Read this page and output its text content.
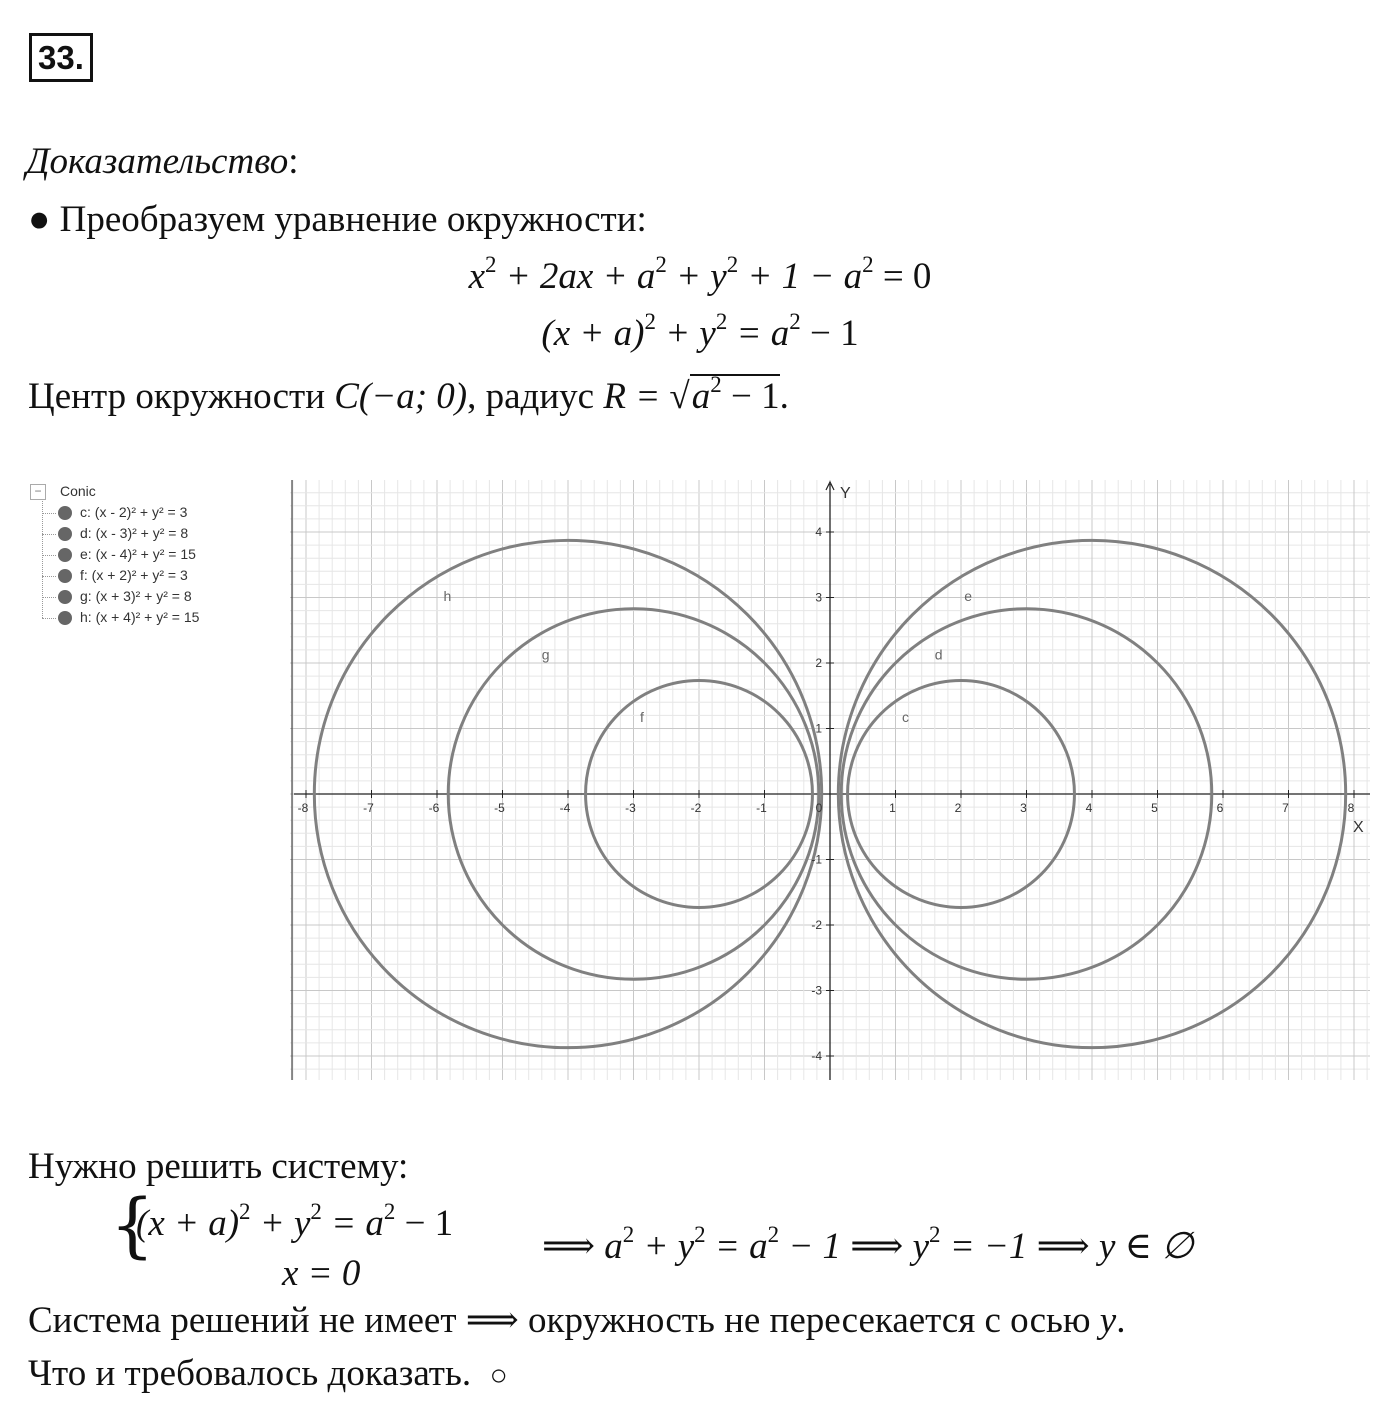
33.
Доказательство:
● Преобразуем уравнение окружности:
$x^2 + 2ax + a^2 + y^2 + 1 - a^2 = 0$
$(x + a)^2 + y^2 = a^2 - 1$
Центр окружности C(−a; 0), радиус $R = √a^2 - 1$.
− Conic
c: (x - 2)² + y² = 3
d: (x - 3)² + y² = 8
e: (x - 4)² + y² = 15
f: (x + 2)² + y² = 3
g: (x + 3)² + y² = 8
h: (x + 4)² + y² = 15
X
Y
-8	-7	-6	-5	-4	-3	-2	-1	0	1	2	3	4	5	6	7	8
-4
-3
-2
-1
1
2
3
4
c
d
e
f
g
h
Нужно решить систему:
{
$(x + a)^2 + y^2 = a^2 - 1$
x = 0
⟹ $a^2 + y^2 = a^2 - 1$ ⟹ $y^2 = -1$ ⟹ y ∈ ∅
Система решений не имеет ⟹ окружность не пересекается с осью y.
Что и требовалось доказать. ○
